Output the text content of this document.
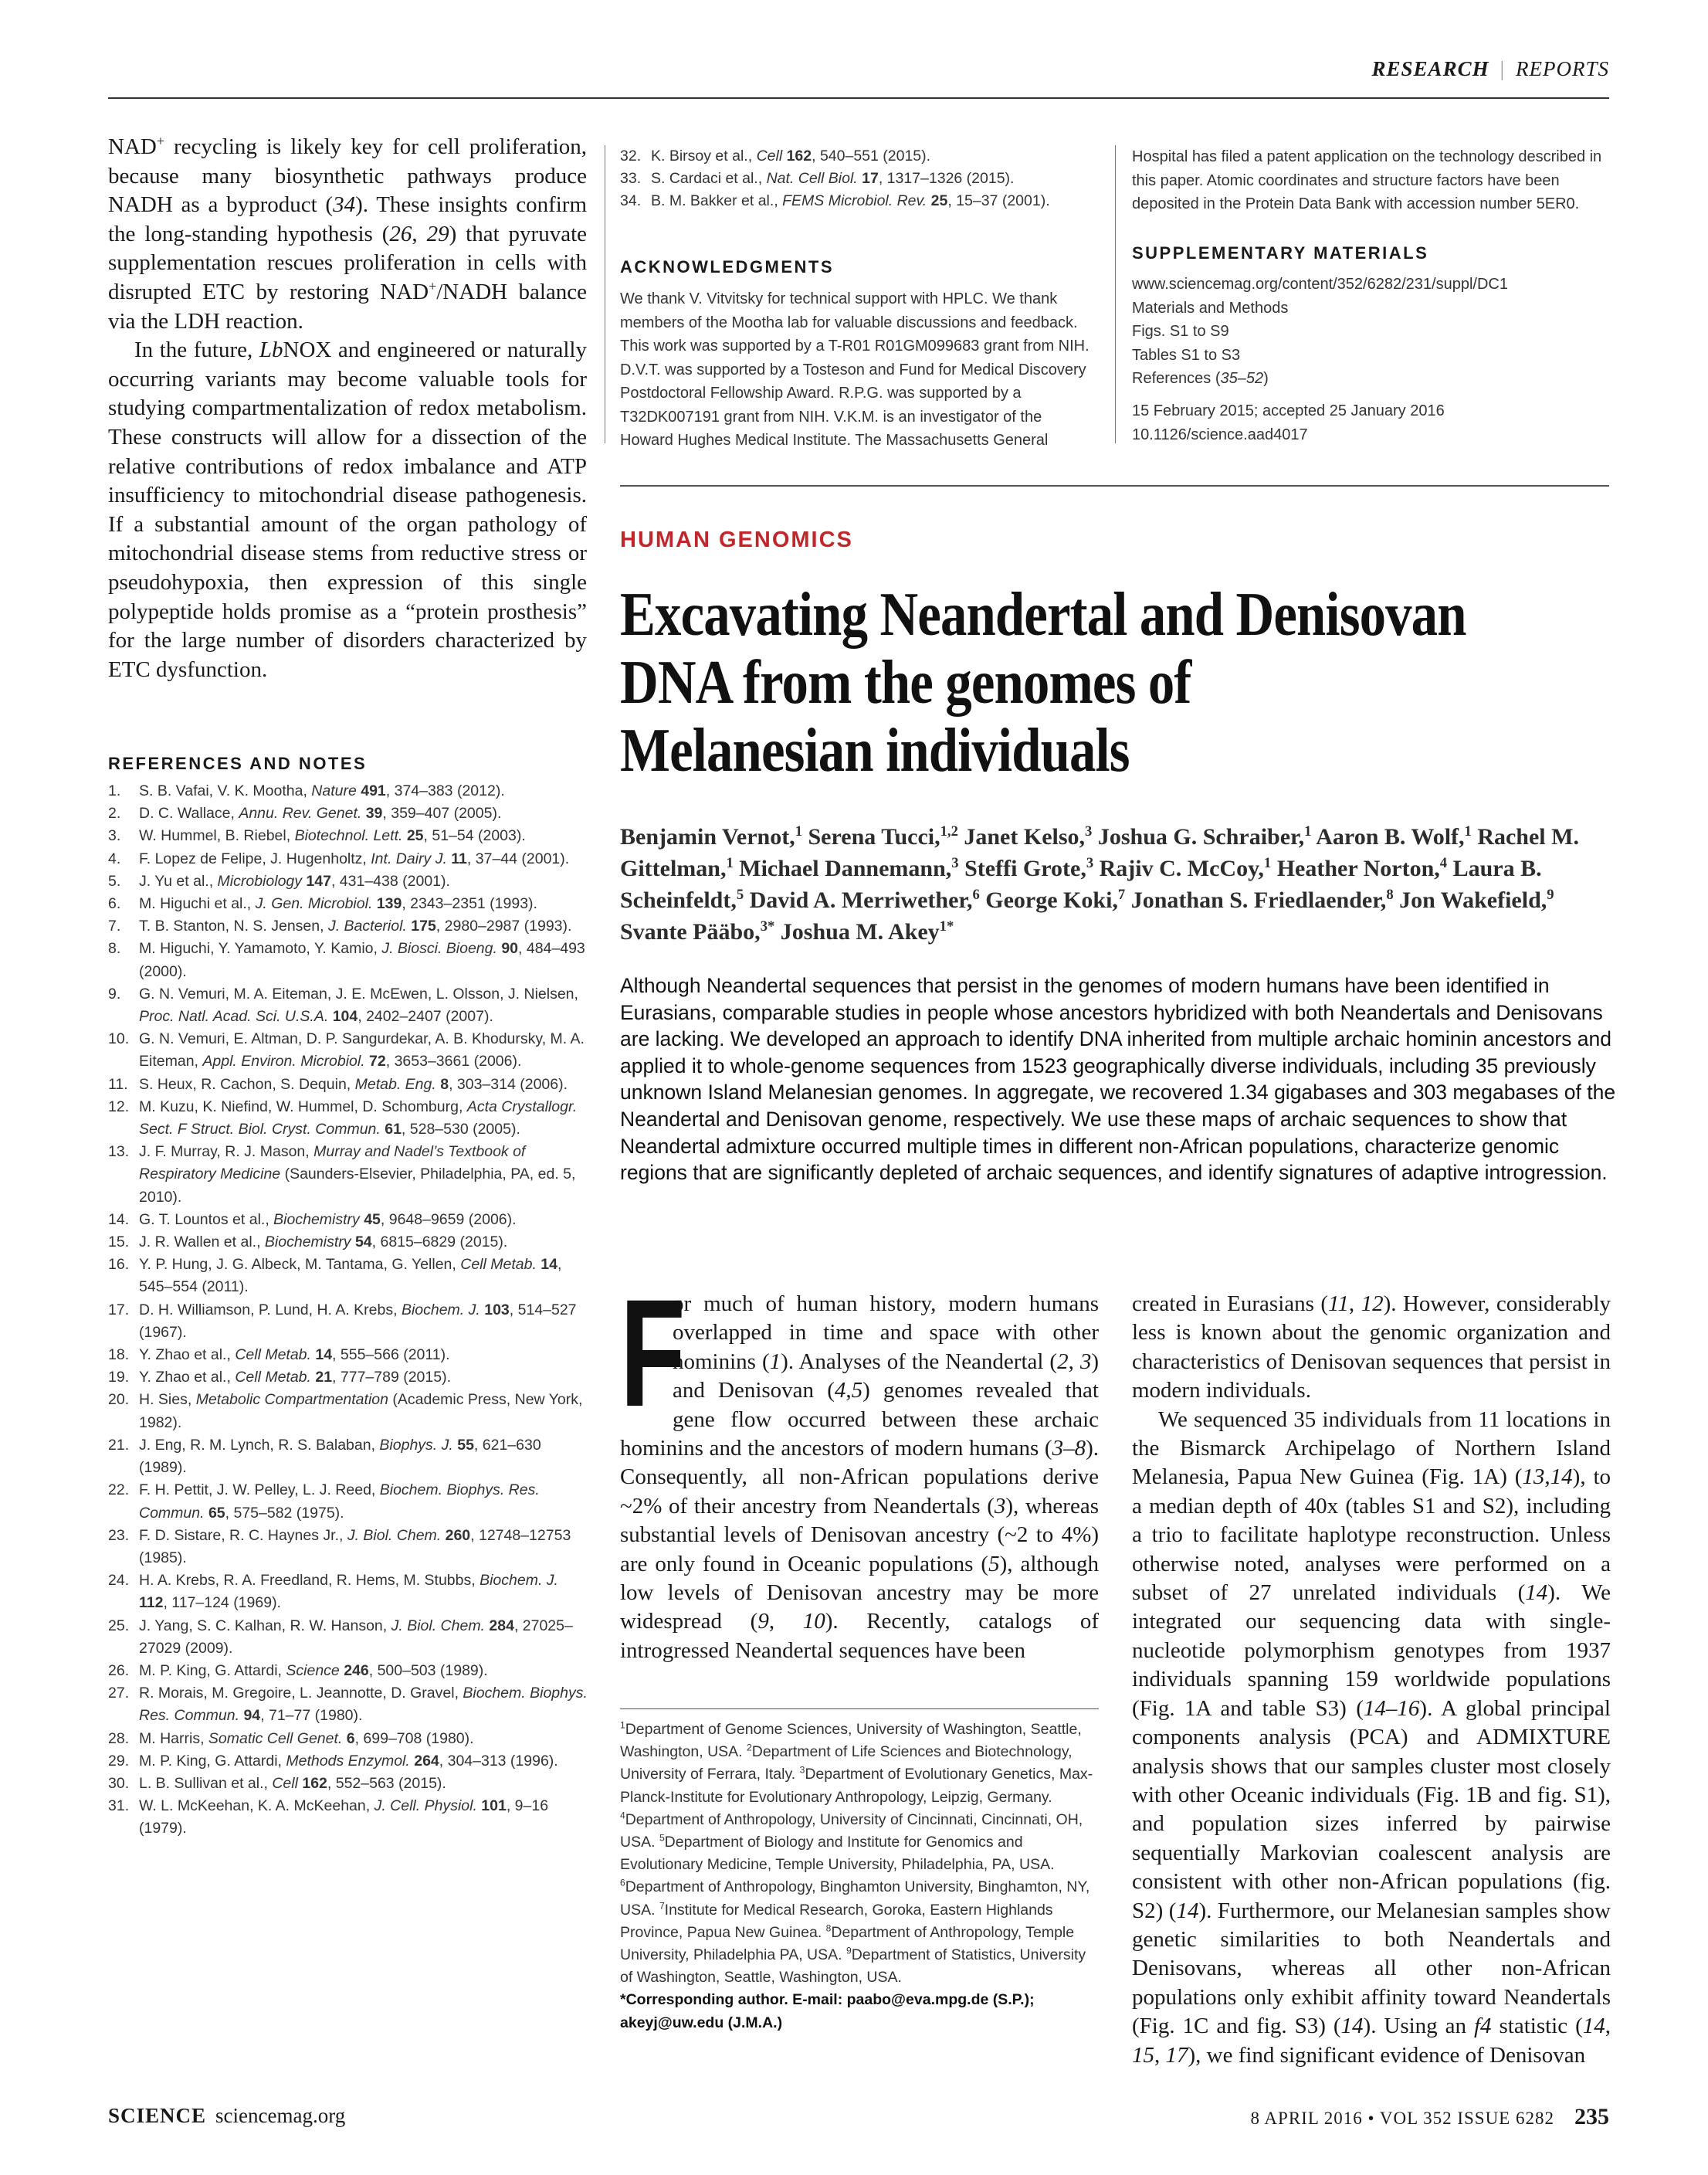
RESEARCH | REPORTS

NAD+ recycling is likely key for cell proliferation, because many biosynthetic pathways produce NADH as a byproduct (34). These insights confirm the long-standing hypothesis (26, 29) that pyruvate supplementation rescues proliferation in cells with disrupted ETC by restoring NAD+/NADH balance via the LDH reaction.

In the future, LbNOX and engineered or naturally occurring variants may become valuable tools for studying compartmentalization of redox metabolism. These constructs will allow for a dissection of the relative contributions of redox imbalance and ATP insufficiency to mitochondrial disease pathogenesis. If a substantial amount of the organ pathology of mitochondrial disease stems from reductive stress or pseudohypoxia, then expression of this single polypeptide holds promise as a “protein prosthesis” for the large number of disorders characterized by ETC dysfunction.

REFERENCES AND NOTES
1. S. B. Vafai, V. K. Mootha, Nature 491, 374–383 (2012).
2. D. C. Wallace, Annu. Rev. Genet. 39, 359–407 (2005).
3. W. Hummel, B. Riebel, Biotechnol. Lett. 25, 51–54 (2003).
4. F. Lopez de Felipe, J. Hugenholtz, Int. Dairy J. 11, 37–44 (2001).
5. J. Yu et al., Microbiology 147, 431–438 (2001).
6. M. Higuchi et al., J. Gen. Microbiol. 139, 2343–2351 (1993).
7. T. B. Stanton, N. S. Jensen, J. Bacteriol. 175, 2980–2987 (1993).
8. M. Higuchi, Y. Yamamoto, Y. Kamio, J. Biosci. Bioeng. 90, 484–493 (2000).
9. G. N. Vemuri, M. A. Eiteman, J. E. McEwen, L. Olsson, J. Nielsen, Proc. Natl. Acad. Sci. U.S.A. 104, 2402–2407 (2007).
10. G. N. Vemuri, E. Altman, D. P. Sangurdekar, A. B. Khodursky, M. A. Eiteman, Appl. Environ. Microbiol. 72, 3653–3661 (2006).
11. S. Heux, R. Cachon, S. Dequin, Metab. Eng. 8, 303–314 (2006).
12. M. Kuzu, K. Niefind, W. Hummel, D. Schomburg, Acta Crystallogr. Sect. F Struct. Biol. Cryst. Commun. 61, 528–530 (2005).
13. J. F. Murray, R. J. Mason, Murray and Nadel’s Textbook of Respiratory Medicine (Saunders-Elsevier, Philadelphia, PA, ed. 5, 2010).
14. G. T. Lountos et al., Biochemistry 45, 9648–9659 (2006).
15. J. R. Wallen et al., Biochemistry 54, 6815–6829 (2015).
16. Y. P. Hung, J. G. Albeck, M. Tantama, G. Yellen, Cell Metab. 14, 545–554 (2011).
17. D. H. Williamson, P. Lund, H. A. Krebs, Biochem. J. 103, 514–527 (1967).
18. Y. Zhao et al., Cell Metab. 14, 555–566 (2011).
19. Y. Zhao et al., Cell Metab. 21, 777–789 (2015).
20. H. Sies, Metabolic Compartmentation (Academic Press, New York, 1982).
21. J. Eng, R. M. Lynch, R. S. Balaban, Biophys. J. 55, 621–630 (1989).
22. F. H. Pettit, J. W. Pelley, L. J. Reed, Biochem. Biophys. Res. Commun. 65, 575–582 (1975).
23. F. D. Sistare, R. C. Haynes Jr., J. Biol. Chem. 260, 12748–12753 (1985).
24. H. A. Krebs, R. A. Freedland, R. Hems, M. Stubbs, Biochem. J. 112, 117–124 (1969).
25. J. Yang, S. C. Kalhan, R. W. Hanson, J. Biol. Chem. 284, 27025–27029 (2009).
26. M. P. King, G. Attardi, Science 246, 500–503 (1989).
27. R. Morais, M. Gregoire, L. Jeannotte, D. Gravel, Biochem. Biophys. Res. Commun. 94, 71–77 (1980).
28. M. Harris, Somatic Cell Genet. 6, 699–708 (1980).
29. M. P. King, G. Attardi, Methods Enzymol. 264, 304–313 (1996).
30. L. B. Sullivan et al., Cell 162, 552–563 (2015).
31. W. L. McKeehan, K. A. McKeehan, J. Cell. Physiol. 101, 9–16 (1979).
32. K. Birsoy et al., Cell 162, 540–551 (2015).
33. S. Cardaci et al., Nat. Cell Biol. 17, 1317–1326 (2015).
34. B. M. Bakker et al., FEMS Microbiol. Rev. 25, 15–37 (2001).
ACKNOWLEDGMENTS
We thank V. Vitvitsky for technical support with HPLC. We thank members of the Mootha lab for valuable discussions and feedback. This work was supported by a T-R01 R01GM099683 grant from NIH. D.V.T. was supported by a Tosteson and Fund for Medical Discovery Postdoctoral Fellowship Award. R.P.G. was supported by a T32DK007191 grant from NIH. V.K.M. is an investigator of the Howard Hughes Medical Institute. The Massachusetts General
Hospital has filed a patent application on the technology described in this paper. Atomic coordinates and structure factors have been deposited in the Protein Data Bank with accession number 5ER0.
SUPPLEMENTARY MATERIALS
www.sciencemag.org/content/352/6282/231/suppl/DC1
Materials and Methods
Figs. S1 to S9
Tables S1 to S3
References (35–52)
15 February 2015; accepted 25 January 2016
10.1126/science.aad4017
HUMAN GENOMICS
Excavating Neandertal and Denisovan
DNA from the genomes of
Melanesian individuals
Benjamin Vernot,$^1$ Serena Tucci,$^{1,2}$ Janet Kelso,$^3$ Joshua G. Schraiber,$^1$ Aaron B. Wolf,$^1$ Rachel M. Gittelman,$^1$ Michael Dannemann,$^3$ Steffi Grote,$^3$ Rajiv C. McCoy,$^1$ Heather Norton,$^4$ Laura B. Scheinfeldt,$^5$ David A. Merriwether,$^6$ George Koki,$^7$ Jonathan S. Friedlaender,$^8$ Jon Wakefield,$^9$ Svante Pääbo,$^{3*}$ Joshua M. Akey$^{1*}$
Although Neandertal sequences that persist in the genomes of modern humans have been identified in Eurasians, comparable studies in people whose ancestors hybridized with both Neandertals and Denisovans are lacking. We developed an approach to identify DNA inherited from multiple archaic hominin ancestors and applied it to whole-genome sequences from 1523 geographically diverse individuals, including 35 previously unknown Island Melanesian genomes. In aggregate, we recovered 1.34 gigabases and 303 megabases of the Neandertal and Denisovan genome, respectively. We use these maps of archaic sequences to show that Neandertal admixture occurred multiple times in different non-African populations, characterize genomic regions that are significantly depleted of archaic sequences, and identify signatures of adaptive introgression.

F
or much of human history, modern humans overlapped in time and space with other hominins (1). Analyses of the Neandertal (2, 3) and Denisovan (4,5) genomes revealed that gene flow occurred between these archaic hominins and the ancestors of modern humans (3–8). Consequently, all non-African populations derive ~2% of their ancestry from Neandertals (3), whereas substantial levels of Denisovan ancestry (~2 to 4%) are only found in Oceanic populations (5), although low levels of Denisovan ancestry may be more widespread (9, 10). Recently, catalogs of introgressed Neandertal sequences have been

$^1$Department of Genome Sciences, University of Washington, Seattle, Washington, USA. $^2$Department of Life Sciences and Biotechnology, University of Ferrara, Italy. $^3$Department of Evolutionary Genetics, Max-Planck-Institute for Evolutionary Anthropology, Leipzig, Germany. $^4$Department of Anthropology, University of Cincinnati, Cincinnati, OH, USA. $^5$Department of Biology and Institute for Genomics and Evolutionary Medicine, Temple University, Philadelphia, PA, USA. $^6$Department of Anthropology, Binghamton University, Binghamton, NY, USA. $^7$Institute for Medical Research, Goroka, Eastern Highlands Province, Papua New Guinea. $^8$Department of Anthropology, Temple University, Philadelphia PA, USA. $^9$Department of Statistics, University of Washington, Seattle, Washington, USA.
*Corresponding author. E-mail: paabo@eva.mpg.de (S.P.); akeyj@uw.edu (J.M.A.)

created in Eurasians (11, 12). However, considerably less is known about the genomic organization and characteristics of Denisovan sequences that persist in modern individuals.

We sequenced 35 individuals from 11 locations in the Bismarck Archipelago of Northern Island Melanesia, Papua New Guinea (Fig. 1A) (13,14), to a median depth of 40x (tables S1 and S2), including a trio to facilitate haplotype reconstruction. Unless otherwise noted, analyses were performed on a subset of 27 unrelated individuals (14). We integrated our sequencing data with single-nucleotide polymorphism genotypes from 1937 individuals spanning 159 worldwide populations (Fig. 1A and table S3) (14–16). A global principal components analysis (PCA) and ADMIXTURE analysis shows that our samples cluster most closely with other Oceanic individuals (Fig. 1B and fig. S1), and population sizes inferred by pairwise sequentially Markovian coalescent analysis are consistent with other non-African populations (fig. S2) (14). Furthermore, our Melanesian samples show genetic similarities to both Neandertals and Denisovans, whereas all other non-African populations only exhibit affinity toward Neandertals (Fig. 1C and fig. S3) (14). Using an f4 statistic (14, 15, 17), we find significant evidence of Denisovan

SCIENCE sciencemag.org	8 APRIL 2016 • VOL 352 ISSUE 6282 235
